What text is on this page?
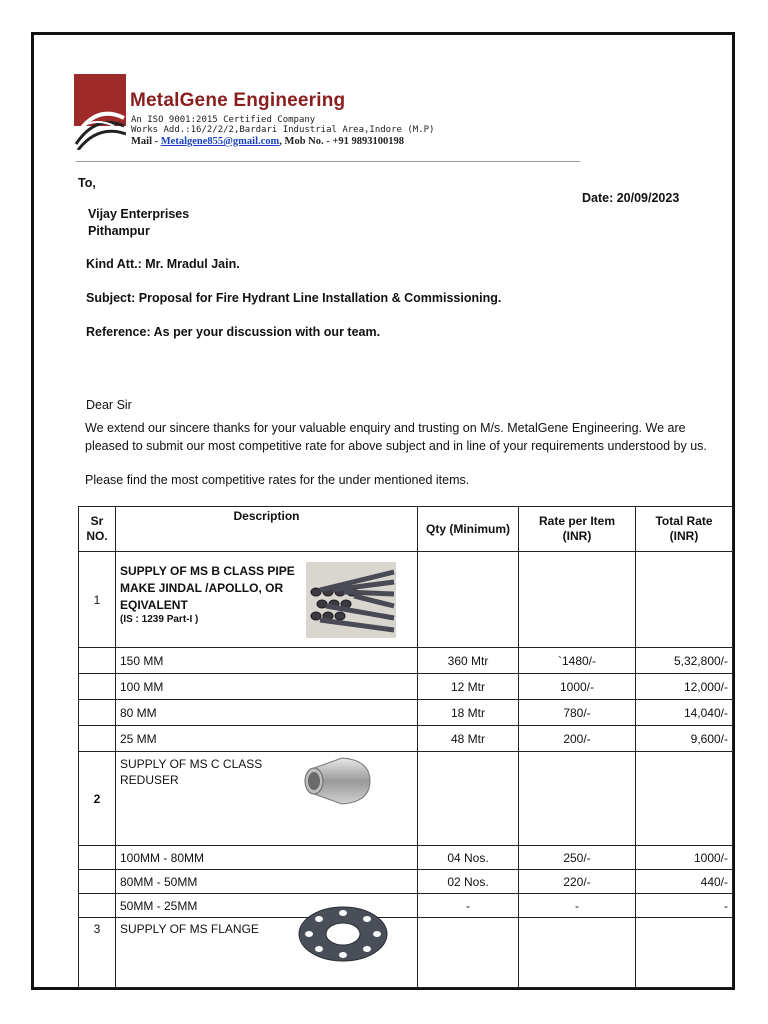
MetalGene Engineering
An ISO 9001:2015 Certified Company
Works Add.:16/2/2/2,Bardari Industrial Area,Indore (M.P)
Mail - Metalgene855@gmail.com, Mob No. - +91 9893100198
To,
Date: 20/09/2023
Vijay Enterprises
Pithampur
Kind Att.: Mr. Mradul Jain.
Subject: Proposal for Fire Hydrant Line Installation & Commissioning.
Reference: As per your discussion with our team.
Dear Sir
We extend our sincere thanks for your valuable enquiry and trusting on M/s. MetalGene Engineering. We are pleased to submit our most competitive rate for above subject and in line of your requirements understood by us.
Please find the most competitive rates for the under mentioned items.
Sr NO.	Description	Qty (Minimum)	Rate per Item (INR)	Total Rate (INR)
1	SUPPLY OF MS B CLASS PIPE MAKE JINDAL /APOLLO, OR EQIVALENT
(IS : 1239 Part-I )			

	150 MM	360 Mtr	`1480/-	5,32,800/-
	100 MM	12 Mtr	1000/-	12,000/-
	80 MM	18 Mtr	780/-	14,040/-
	25 MM	48 Mtr	200/-	9,600/-
2	SUPPLY OF MS C CLASS REDUSER			

	100MM - 80MM	04 Nos.	250/-	1000/-
	80MM - 50MM	02 Nos.	220/-	440/-
	50MM - 25MM	-	-	-
3	SUPPLY OF MS FLANGE			
